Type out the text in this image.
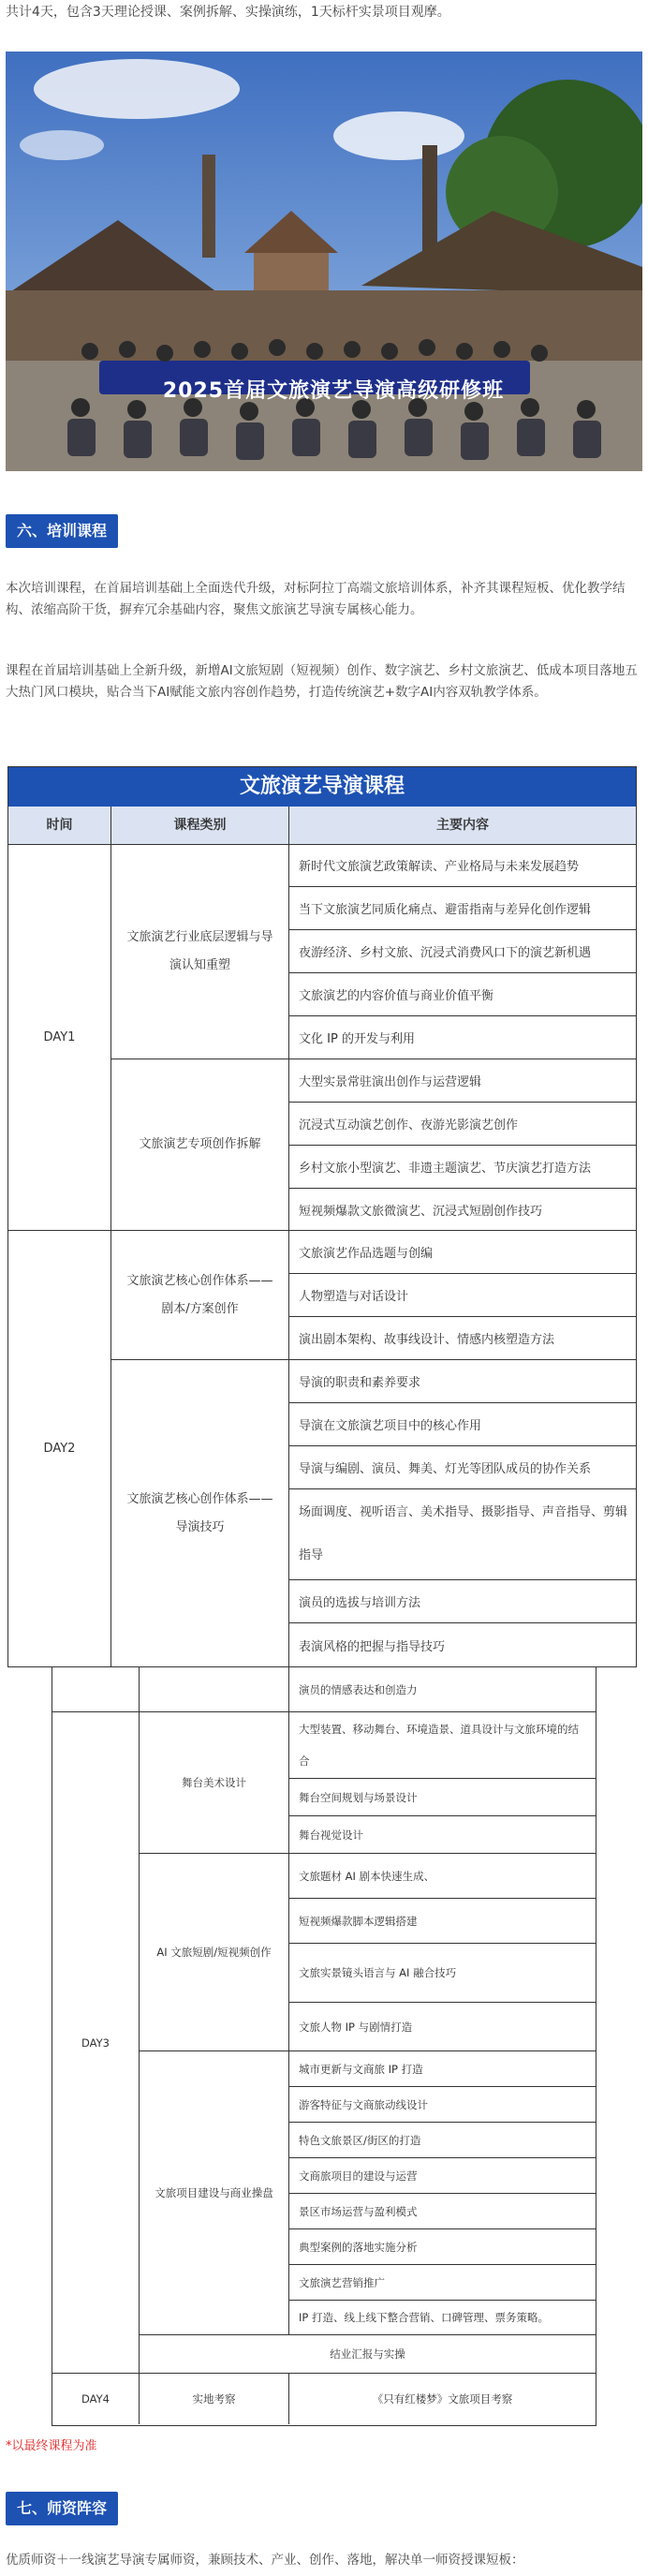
共计4天，包含3天理论授课、案例拆解、实操演练，1天标杆实景项目观摩。
2025首届文旅演艺导演高级研修班
六、培训课程
本次培训课程，在首届培训基础上全面迭代升级，对标阿拉丁高端文旅培训体系，补齐其课程短板、优化教学结构、浓缩高阶干货，摒弃冗余基础内容，聚焦文旅演艺导演专属核心能力。
课程在首届培训基础上全新升级，新增AI文旅短剧（短视频）创作、数字演艺、乡村文旅演艺、低成本项目落地五大热门风口模块，贴合当下AI赋能文旅内容创作趋势，打造传统演艺+数字AI内容双轨教学体系。
文旅演艺导演课程
时间	课程类别	主要内容
DAY1
DAY2
文旅演艺行业底层逻辑与导演认知重塑
文旅演艺专项创作拆解
文旅演艺核心创作体系——剧本/方案创作
文旅演艺核心创作体系——导演技巧
新时代文旅演艺政策解读、产业格局与未来发展趋势
当下文旅演艺同质化痛点、避雷指南与差异化创作逻辑
夜游经济、乡村文旅、沉浸式消费风口下的演艺新机遇
文旅演艺的内容价值与商业价值平衡
文化 IP 的开发与利用
大型实景常驻演出创作与运营逻辑
沉浸式互动演艺创作、夜游光影演艺创作
乡村文旅小型演艺、非遗主题演艺、节庆演艺打造方法
短视频爆款文旅微演艺、沉浸式短剧创作技巧
文旅演艺作品选题与创编
人物塑造与对话设计
演出剧本架构、故事线设计、情感内核塑造方法
导演的职责和素养要求
导演在文旅演艺项目中的核心作用
导演与编剧、演员、舞美、灯光等团队成员的协作关系
场面调度、视听语言、美术指导、摄影指导、声音指导、剪辑指导
演员的选拔与培训方法
表演风格的把握与指导技巧
演员的情感表达和创造力
DAY3
DAY4
舞台美术设计
AI 文旅短剧/短视频创作
文旅项目建设与商业操盘
实地考察
大型装置、移动舞台、环境造景、道具设计与文旅环境的结合
舞台空间规划与场景设计
舞台视觉设计
文旅题材 AI 剧本快速生成、
短视频爆款脚本逻辑搭建
文旅实景镜头语言与 AI 融合技巧
文旅人物 IP 与剧情打造
城市更新与文商旅 IP 打造
游客特征与文商旅动线设计
特色文旅景区/街区的打造
文商旅项目的建设与运营
景区市场运营与盈利模式
典型案例的落地实施分析
文旅演艺营销推广
IP 打造、线上线下整合营销、口碑管理、票务策略。
结业汇报与实操
《只有红楼梦》文旅项目考察
*以最终课程为准
七、师资阵容
优质师资＋一线演艺导演专属师资，兼顾技术、产业、创作、落地，解决单一师资授课短板：
